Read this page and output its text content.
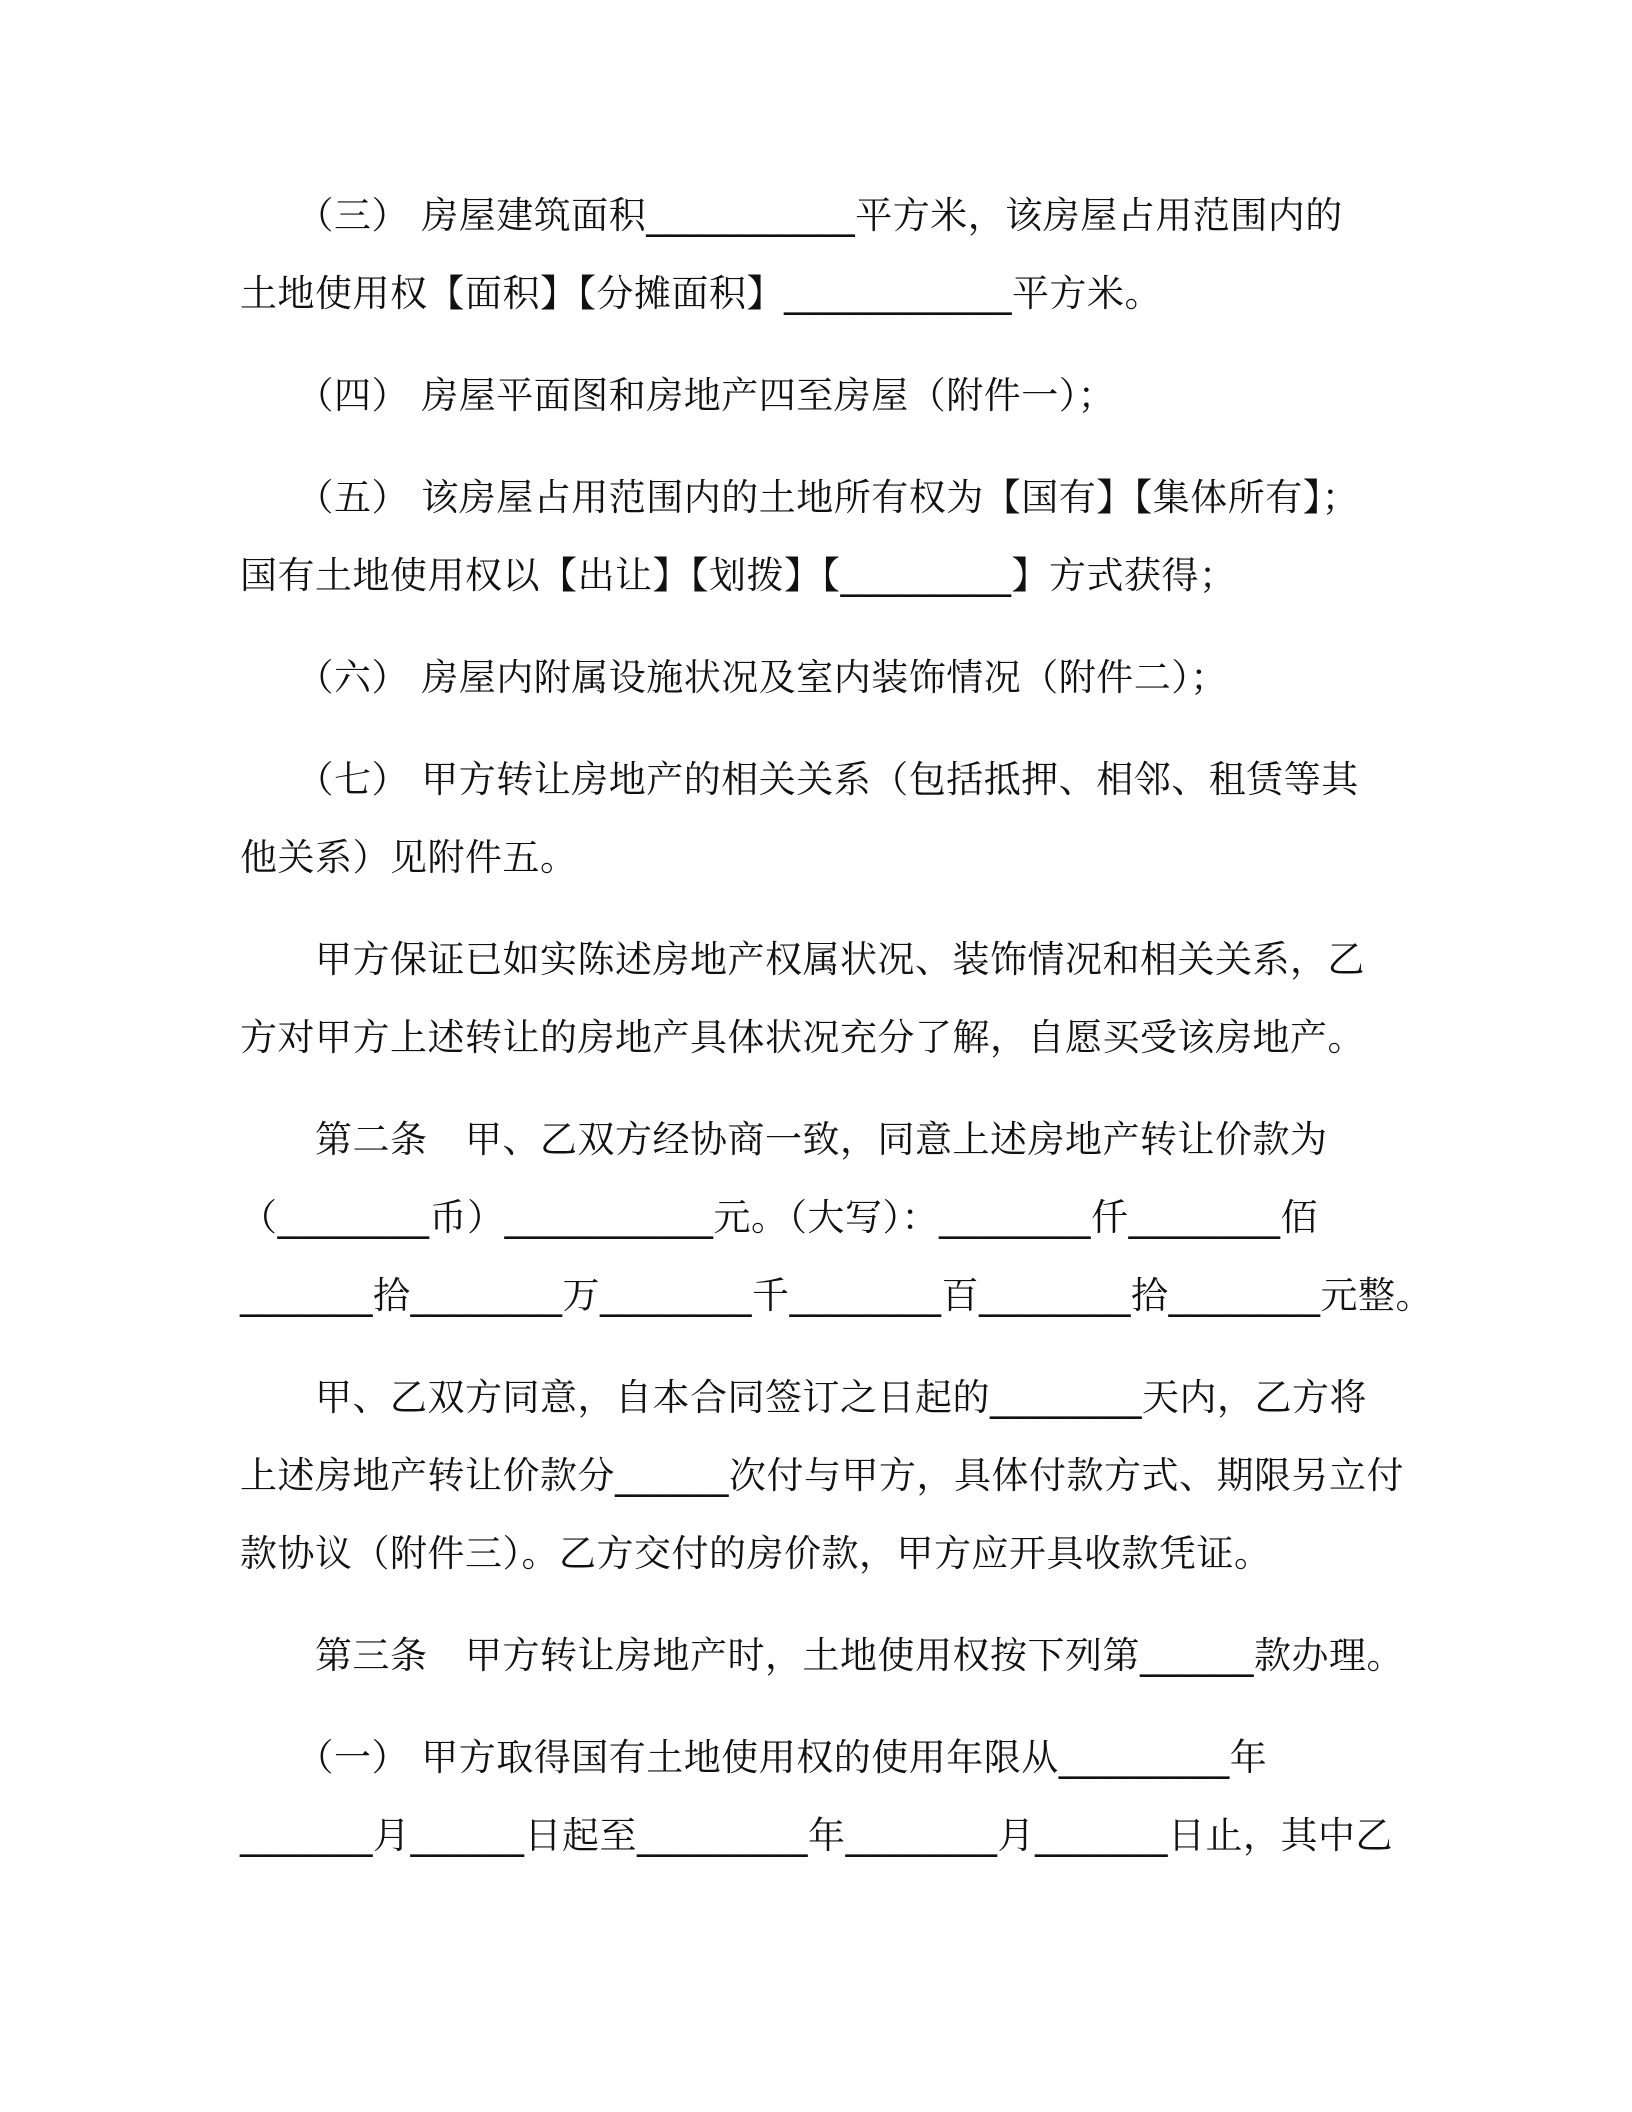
　　（三） 房屋建筑面积___________平方米，该房屋占用范围内的
土地使用权【面积】【分摊面积】____________平方米。
　　（四） 房屋平面图和房地产四至房屋（附件一）；
　　（五） 该房屋占用范围内的土地所有权为【国有】【集体所有】；
国有土地使用权以【出让】【划拨】【_________】方式获得；
　　（六） 房屋内附属设施状况及室内装饰情况（附件二）；
　　（七） 甲方转让房地产的相关关系（包括抵押、相邻、租赁等其
他关系）见附件五。
　　甲方保证已如实陈述房地产权属状况、装饰情况和相关关系，乙
方对甲方上述转让的房地产具体状况充分了解，自愿买受该房地产。
　　第二条　甲、乙双方经协商一致，同意上述房地产转让价款为
（________币）___________元。（大写）：________仟________佰
_______拾________万________千________百________拾________元整。
　　甲、乙双方同意，自本合同签订之日起的________天内，乙方将
上述房地产转让价款分______次付与甲方，具体付款方式、期限另立付
款协议（附件三）。乙方交付的房价款，甲方应开具收款凭证。
　　第三条　甲方转让房地产时，土地使用权按下列第______款办理。
　　（一） 甲方取得国有土地使用权的使用年限从_________年
_______月______日起至_________年________月_______日止，其中乙
